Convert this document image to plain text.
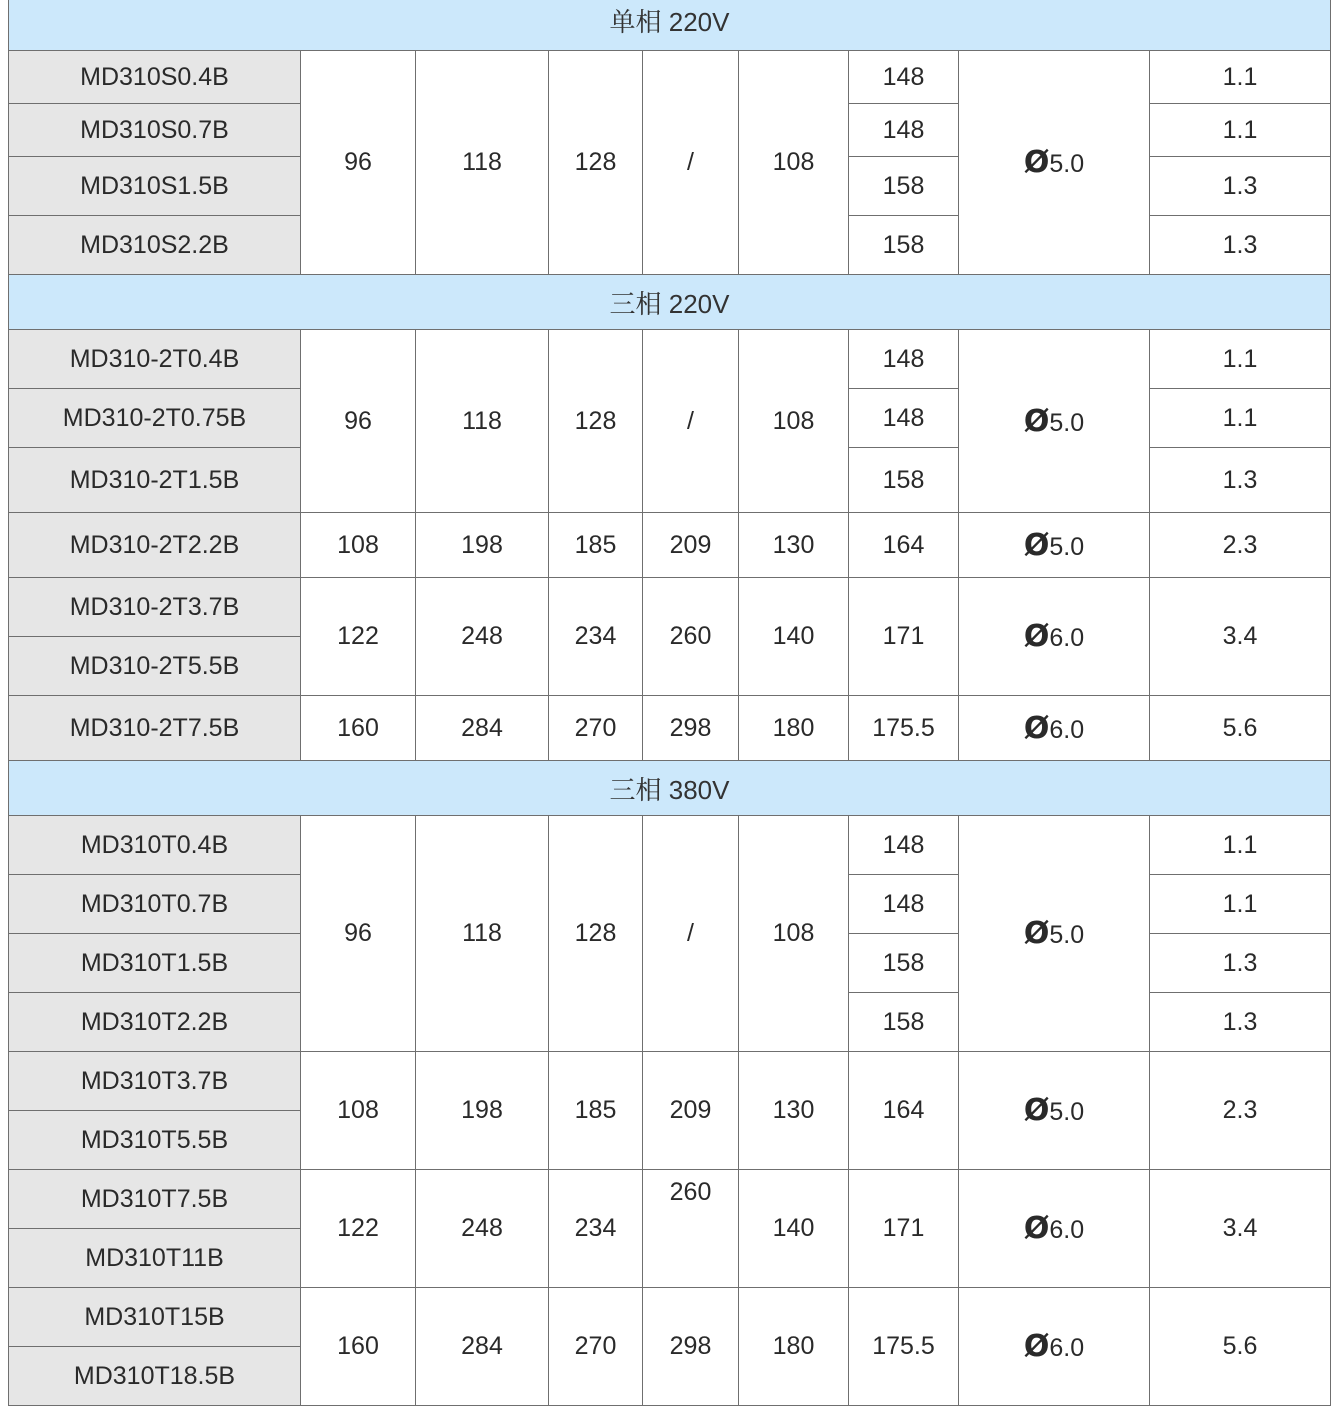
单相 220V								
MD310S0.4B	96	118	128	/	108	148	Ø5.0	1.1
MD310S0.7B						148		1.1
MD310S1.5B						158		1.3
MD310S2.2B						158		1.3
三相 220V								
MD310-2T0.4B	96	118	128	/	108	148	Ø5.0	1.1
MD310-2T0.75B						148		1.1
MD310-2T1.5B						158		1.3
MD310-2T2.2B	108	198	185	209	130	164	Ø5.0	2.3
MD310-2T3.7B	122	248	234	260	140	171	Ø6.0	3.4
MD310-2T5.5B								
MD310-2T7.5B	160	284	270	298	180	175.5	Ø6.0	5.6
三相 380V								
MD310T0.4B	96	118	128	/	108	148	Ø5.0	1.1
MD310T0.7B						148		1.1
MD310T1.5B						158		1.3
MD310T2.2B						158		1.3
MD310T3.7B	108	198	185	209	130	164	Ø5.0	2.3
MD310T5.5B								
MD310T7.5B	122	248	234	260	140	171	Ø6.0	3.4
MD310T11B								
MD310T15B	160	284	270	298	180	175.5	Ø6.0	5.6
MD310T18.5B								
